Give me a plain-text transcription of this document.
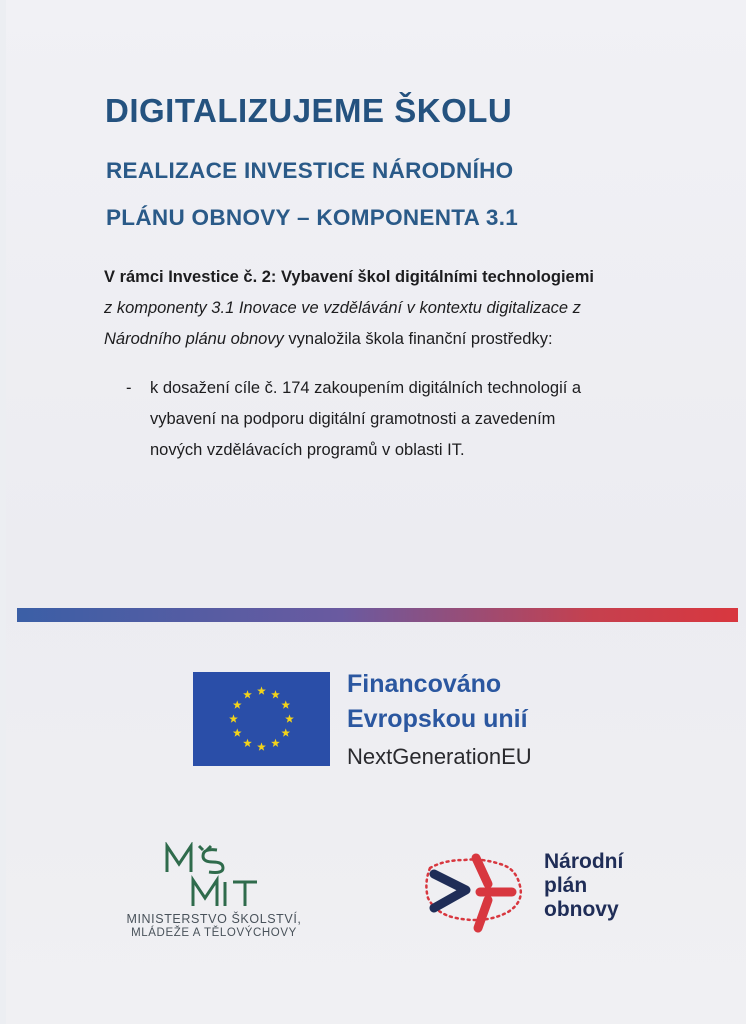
DIGITALIZUJEME ŠKOLU
REALIZACE INVESTICE NÁRODNÍHO
PLÁNU OBNOVY – KOMPONENTA 3.1

V rámci Investice č. 2: Vybavení škol digitálními technologiemi

z komponenty 3.1 Inovace ve vzdělávání v kontextu digitalizace z

Národního plánu obnovy vynaložila škola finanční prostředky:

- k dosažení cíle č. 174 zakoupením digitálních technologií a
vybavení na podporu digitální gramotnosti a zavedením
nových vzdělávacích programů v oblasti IT.
Financováno
Evropskou unií
NextGenerationEU
MINISTERSTVO ŠKOLSTVÍ,
MLÁDEŽE A TĚLOVÝCHOVY
Národní
plán
obnovy
